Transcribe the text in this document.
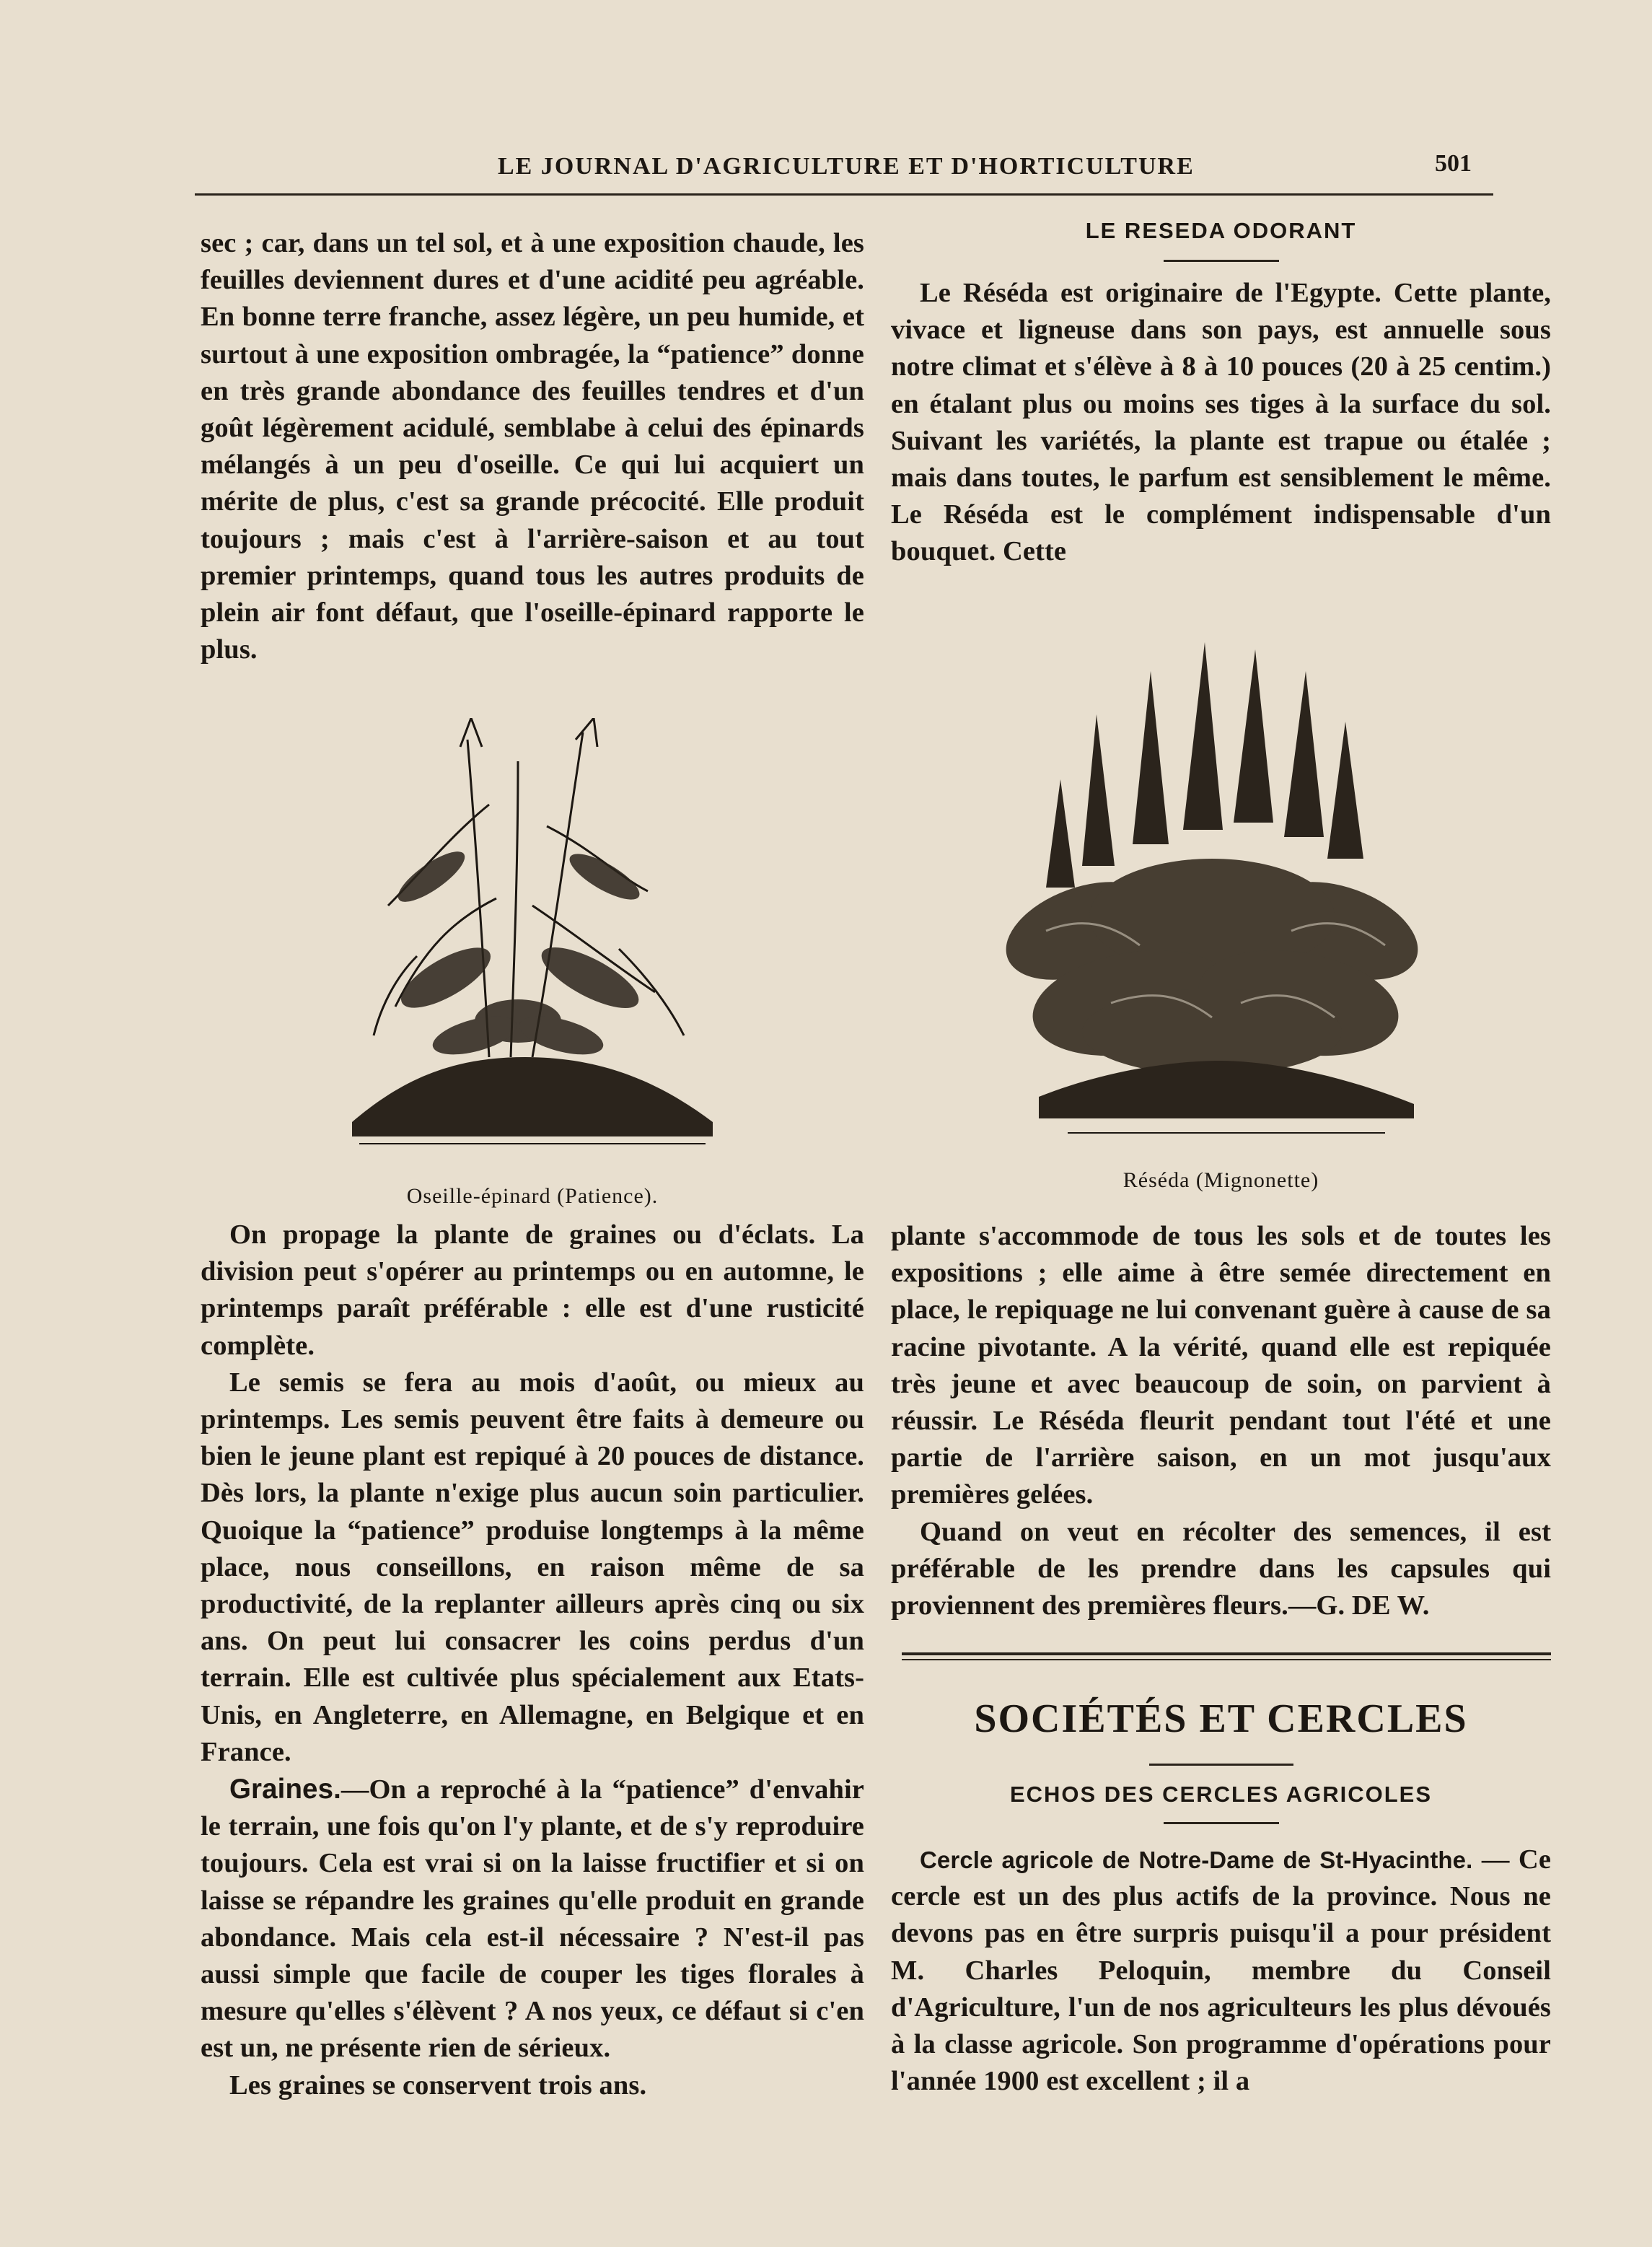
LE JOURNAL D'AGRICULTURE ET D'HORTICULTURE	501

sec ; car, dans un tel sol, et à une exposition chaude, les feuilles deviennent dures et d'une acidité peu agréable. En bonne terre franche, assez légère, un peu humide, et surtout à une exposition ombragée, la “patience” donne en très grande abondance des feuilles tendres et d'un goût légèrement acidulé, semblabe à celui des épinards mélangés à un peu d'oseille. Ce qui lui acquiert un mérite de plus, c'est sa grande précocité. Elle produit toujours ; mais c'est à l'arrière-saison et au tout premier printemps, quand tous les autres produits de plein air font défaut, que l'oseille-épinard rapporte le plus.

Oseille-épinard (Patience).

On propage la plante de graines ou d'éclats. La division peut s'opérer au printemps ou en automne, le printemps paraît préférable : elle est d'une rusticité complète.

Le semis se fera au mois d'août, ou mieux au printemps. Les semis peuvent être faits à demeure ou bien le jeune plant est repiqué à 20 pouces de distance. Dès lors, la plante n'exige plus aucun soin particulier. Quoique la “patience” produise longtemps à la même place, nous conseillons, en raison même de sa productivité, de la replanter ailleurs après cinq ou six ans. On peut lui consacrer les coins perdus d'un terrain. Elle est cultivée plus spécialement aux Etats-Unis, en Angleterre, en Allemagne, en Belgique et en France.

Graines.—On a reproché à la “patience” d'envahir le terrain, une fois qu'on l'y plante, et de s'y reproduire toujours. Cela est vrai si on la laisse fructifier et si on laisse se répandre les graines qu'elle produit en grande abondance. Mais cela est-il nécessaire ? N'est-il pas aussi simple que facile de couper les tiges florales à mesure qu'elles s'élèvent ? A nos yeux, ce défaut si c'en est un, ne présente rien de sérieux.

Les graines se conservent trois ans.

LE RESEDA ODORANT

Le Réséda est originaire de l'Egypte. Cette plante, vivace et ligneuse dans son pays, est annuelle sous notre climat et s'élève à 8 à 10 pouces (20 à 25 centim.) en étalant plus ou moins ses tiges à la surface du sol. Suivant les variétés, la plante est trapue ou étalée ; mais dans toutes, le parfum est sensiblement le même. Le Réséda est le complément indispensable d'un bouquet. Cette

Réséda (Mignonette)

plante s'accommode de tous les sols et de toutes les expositions ; elle aime à être semée directement en place, le repiquage ne lui convenant guère à cause de sa racine pivotante. A la vérité, quand elle est repiquée très jeune et avec beaucoup de soin, on parvient à réussir. Le Réséda fleurit pendant tout l'été et une partie de l'arrière saison, en un mot jusqu'aux premières gelées.

Quand on veut en récolter des semences, il est préférable de les prendre dans les capsules qui proviennent des premières fleurs.—G. DE W.

SOCIÉTÉS ET CERCLES
ECHOS DES CERCLES AGRICOLES

Cercle agricole de Notre-Dame de St-Hyacinthe. — Ce cercle est un des plus actifs de la province. Nous ne devons pas en être surpris puisqu'il a pour président M. Charles Peloquin, membre du Conseil d'Agriculture, l'un de nos agriculteurs les plus dévoués à la classe agricole. Son programme d'opérations pour l'année 1900 est excellent ; il a
